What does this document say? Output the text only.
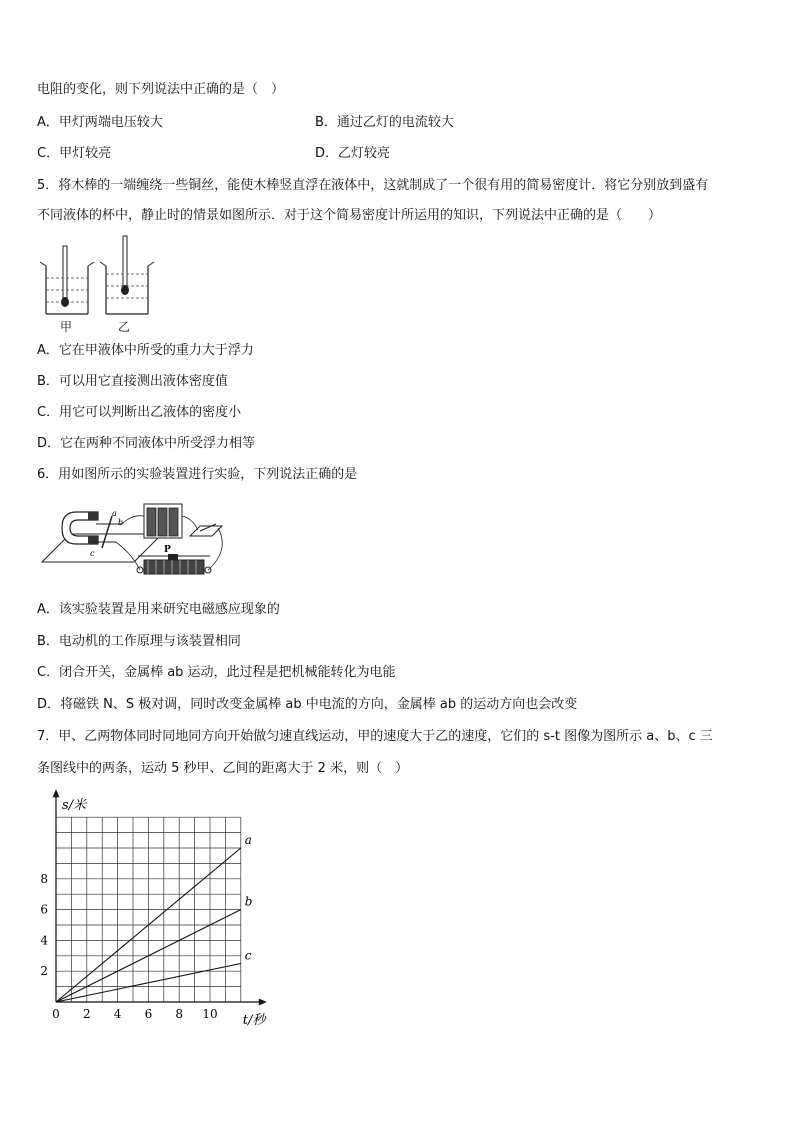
电阻的变化，则下列说法中正确的是（　）
A．甲灯两端电压较大	B．通过乙灯的电流较大
C．甲灯较亮	D．乙灯较亮
5．将木棒的一端缠绕一些铜丝，能使木棒竖直浮在液体中，这就制成了一个很有用的简易密度计．将它分别放到盛有
不同液体的杯中，静止时的情景如图所示．对于这个简易密度计所运用的知识，下列说法中正确的是（　　）
甲	乙
A．它在甲液体中所受的重力大于浮力
B．可以用它直接测出液体密度值
C．用它可以判断出乙液体的密度小
D．它在两种不同液体中所受浮力相等
6．用如图所示的实验装置进行实验，下列说法正确的是
a
b
c	P
A．该实验装置是用来研究电磁感应现象的
B．电动机的工作原理与该装置相同
C．闭合开关，金属棒 ab 运动，此过程是把机械能转化为电能
D．将磁铁 N、S 极对调，同时改变金属棒 ab 中电流的方向，金属棒 ab 的运动方向也会改变
7．甲、乙两物体同时同地同方向开始做匀速直线运动，甲的速度大于乙的速度，它们的 s-t 图像为图所示 a、b、c 三
条图线中的两条，运动 5 秒甲、乙间的距离大于 2 米，则（　）
0 2 4 6 8 10
2
4
6
8
a
b
c
s/米
t/秒
